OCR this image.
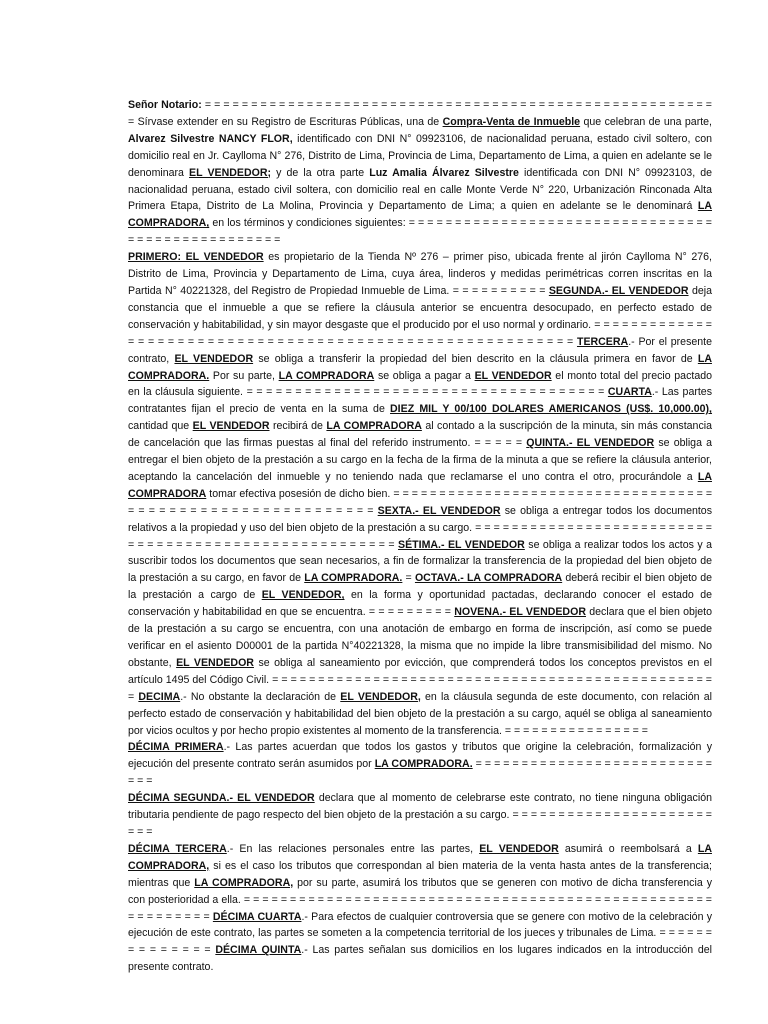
Señor Notario: = = = = = = = = = = = = = = = = = = = = = = = = = = = = = = = = = = = = = = = = = = = = = = = = = = = = = = = = Sírvase extender en su Registro de Escrituras Públicas, una de Compra-Venta de Inmueble que celebran de una parte, Alvarez Silvestre NANCY FLOR, identificado con DNI N° 09923106, de nacionalidad peruana, estado civil soltero, con domicilio real en Jr. Caylloma N° 276, Distrito de Lima, Provincia de Lima, Departamento de Lima, a quien en adelante se le denominara EL VENDEDOR; y de la otra parte Luz Amalia Álvarez Silvestre identificada con DNI N° 09923103, de nacionalidad peruana, estado civil soltera, con domicilio real en calle Monte Verde N° 220, Urbanización Rinconada Alta Primera Etapa, Distrito de La Molina, Provincia y Departamento de Lima; a quien en adelante se le denominará LA COMPRADORA, en los términos y condiciones siguientes: = = = = = = = = = = = = = = = = = = = = = = = = = = = = = = = = = = = = = = = = = = = = = = = = = =

PRIMERO: EL VENDEDOR es propietario de la Tienda Nº 276 – primer piso, ubicada frente al jirón Caylloma N° 276, Distrito de Lima, Provincia y Departamento de Lima, cuya área, linderos y medidas perimétricas corren inscritas en la Partida N° 40221328, del Registro de Propiedad Inmueble de Lima. = = = = = = = = = = SEGUNDA.- EL VENDEDOR deja constancia que el inmueble a que se refiere la cláusula anterior se encuentra desocupado, en perfecto estado de conservación y habitabilidad, y sin mayor desgaste que el producido por el uso normal y ordinario. = = = = = = = = = = = = = = = = = = = = = = = = = = = = = = = = = = = = = = = = = = = = = = = = = = = = = = = = = = TERCERA.- Por el presente contrato, EL VENDEDOR se obliga a transferir la propiedad del bien descrito en la cláusula primera en favor de LA COMPRADORA. Por su parte, LA COMPRADORA se obliga a pagar a EL VENDEDOR el monto total del precio pactado en la cláusula siguiente. = = = = = = = = = = = = = = = = = = = = = = = = = = = = = = = = = = = = = CUARTA.- Las partes contratantes fijan el precio de venta en la suma de DIEZ MIL Y 00/100 DOLARES AMERICANOS (US$. 10,000.00), cantidad que EL VENDEDOR recibirá de LA COMPRADORA al contado a la suscripción de la minuta, sin más constancia de cancelación que las firmas puestas al final del referido instrumento. = = = = = QUINTA.- EL VENDEDOR se obliga a entregar el bien objeto de la prestación a su cargo en la fecha de la firma de la minuta a que se refiere la cláusula anterior, aceptando la cancelación del inmueble y no teniendo nada que reclamarse el uno contra el otro, procurándole a LA COMPRADORA tomar efectiva posesión de dicho bien. = = = = = = = = = = = = = = = = = = = = = = = = = = = = = = = = = = = = = = = = = = = = = = = = = = = = = = = = = = = SEXTA.- EL VENDEDOR se obliga a entregar todos los documentos relativos a la propiedad y uso del bien objeto de la prestación a su cargo. = = = = = = = = = = = = = = = = = = = = = = = = = = = = = = = = = = = = = = = = = = = = = = = = = = = = = = SÉTIMA.- EL VENDEDOR se obliga a realizar todos los actos y a suscribir todos los documentos que sean necesarios, a fin de formalizar la transferencia de la propiedad del bien objeto de la prestación a su cargo, en favor de LA COMPRADORA. = OCTAVA.- LA COMPRADORA deberá recibir el bien objeto de la prestación a cargo de EL VENDEDOR, en la forma y oportunidad pactadas, declarando conocer el estado de conservación y habitabilidad en que se encuentra. = = = = = = = = = NOVENA.- EL VENDEDOR declara que el bien objeto de la prestación a su cargo se encuentra, con una anotación de embargo en forma de inscripción, así como se puede verificar en el asiento D00001 de la partida N°40221328, la misma que no impide la libre transmisibilidad del mismo. No obstante, EL VENDEDOR se obliga al saneamiento por evicción, que comprenderá todos los conceptos previstos en el artículo 1495 del Código Civil. = = = = = = = = = = = = = = = = = = = = = = = = = = = = = = = = = = = = = = = = = = = = = = = = = DECIMA.- No obstante la declaración de EL VENDEDOR, en la cláusula segunda de este documento, con relación al perfecto estado de conservación y habitabilidad del bien objeto de la prestación a su cargo, aquél se obliga al saneamiento por vicios ocultos y por hecho propio existentes al momento de la transferencia. = = = = = = = = = = = = = = = =

DÉCIMA PRIMERA.- Las partes acuerdan que todos los gastos y tributos que origine la celebración, formalización y ejecución del presente contrato serán asumidos por LA COMPRADORA. = = = = = = = = = = = = = = = = = = = = = = = = = = = = =

DÉCIMA SEGUNDA.- EL VENDEDOR declara que al momento de celebrarse este contrato, no tiene ninguna obligación tributaria pendiente de pago respecto del bien objeto de la prestación a su cargo. = = = = = = = = = = = = = = = = = = = = = = = = =

DÉCIMA TERCERA.- En las relaciones personales entre las partes, EL VENDEDOR asumirá o reembolsará a LA COMPRADORA, si es el caso los tributos que correspondan al bien materia de la venta hasta antes de la transferencia; mientras que LA COMPRADORA, por su parte, asumirá los tributos que se generen con motivo de dicha transferencia y con posterioridad a ella. = = = = = = = = = = = = = = = = = = = = = = = = = = = = = = = = = = = = = = = = = = = = = = = = = = = = = = = = = = = = DÉCIMA CUARTA.- Para efectos de cualquier controversia que se genere con motivo de la celebración y ejecución de este contrato, las partes se someten a la competencia territorial de los jueces y tribunales de Lima. = = = = = = = = = = = = = = DÉCIMA QUINTA.- Las partes señalan sus domicilios en los lugares indicados en la introducción del presente contrato.
